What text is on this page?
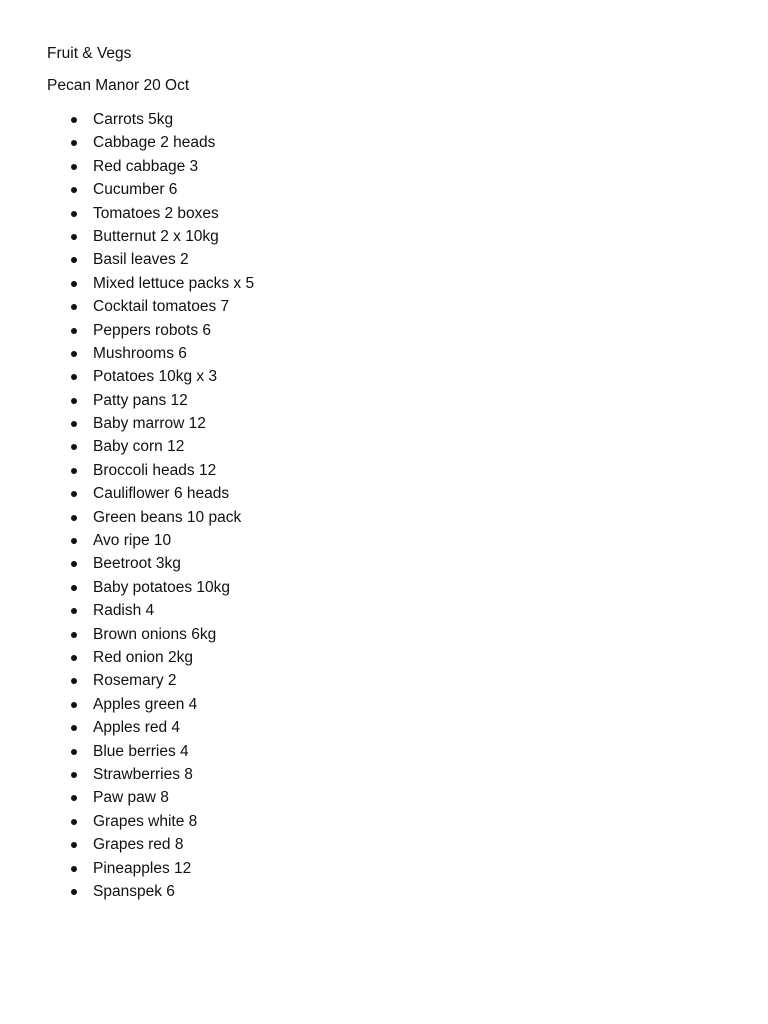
Fruit & Vegs

Pecan Manor 20 Oct

Carrots 5kg
Cabbage 2 heads
Red cabbage 3
Cucumber 6
Tomatoes 2 boxes
Butternut 2 x 10kg
Basil leaves 2
Mixed lettuce packs x 5
Cocktail tomatoes 7
Peppers robots 6
Mushrooms 6
Potatoes 10kg x 3
Patty pans 12
Baby marrow 12
Baby corn 12
Broccoli heads 12
Cauliflower 6 heads
Green beans 10 pack
Avo ripe 10
Beetroot 3kg
Baby potatoes 10kg
Radish 4
Brown onions 6kg
Red onion 2kg
Rosemary 2
Apples green 4
Apples red 4
Blue berries 4
Strawberries 8
Paw paw 8
Grapes white 8
Grapes red 8
Pineapples 12
Spanspek 6
